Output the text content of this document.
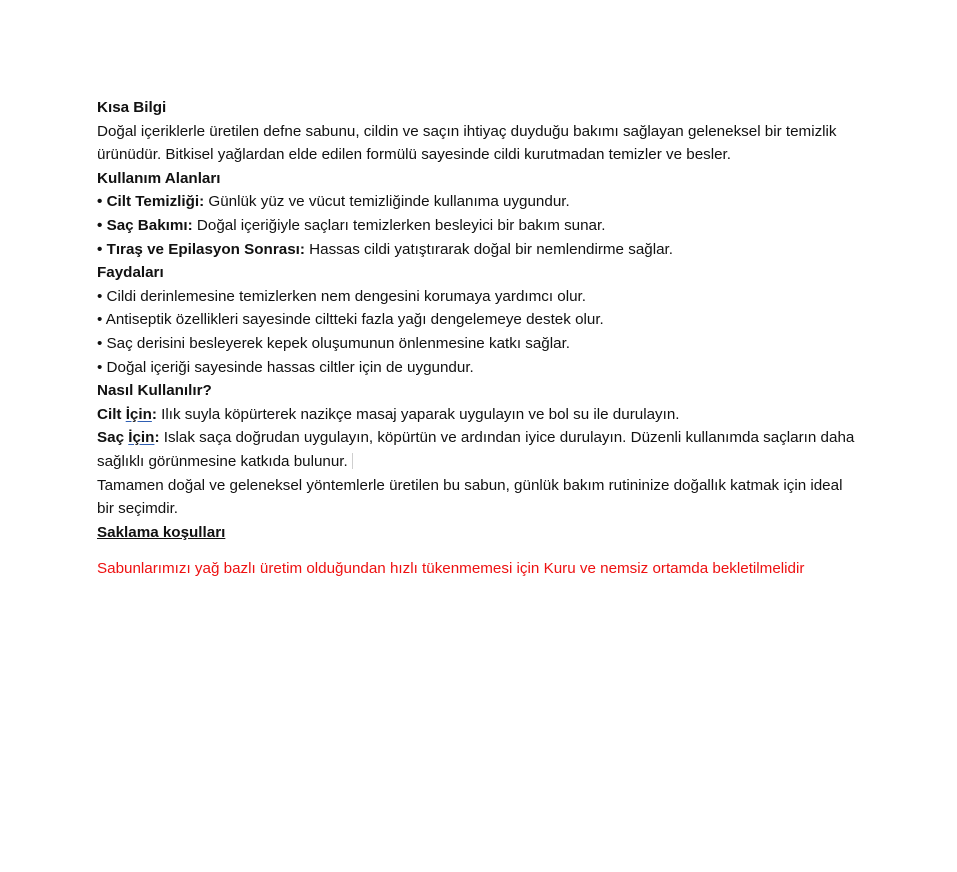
Kısa Bilgi
Doğal içeriklerle üretilen defne sabunu, cildin ve saçın ihtiyaç duyduğu bakımı sağlayan geleneksel bir temizlik ürünüdür. Bitkisel yağlardan elde edilen formülü sayesinde cildi kurutmadan temizler ve besler.
Kullanım Alanları
• Cilt Temizliği: Günlük yüz ve vücut temizliğinde kullanıma uygundur.
• Saç Bakımı: Doğal içeriğiyle saçları temizlerken besleyici bir bakım sunar.
• Tıraş ve Epilasyon Sonrası: Hassas cildi yatıştırarak doğal bir nemlendirme sağlar.
Faydaları
• Cildi derinlemesine temizlerken nem dengesini korumaya yardımcı olur.
• Antiseptik özellikleri sayesinde ciltteki fazla yağı dengelemeye destek olur.
• Saç derisini besleyerek kepek oluşumunun önlenmesine katkı sağlar.
• Doğal içeriği sayesinde hassas ciltler için de uygundur.
Nasıl Kullanılır?
Cilt İçin: Ilık suyla köpürterek nazikçe masaj yaparak uygulayın ve bol su ile durulayın.
Saç İçin: Islak saça doğrudan uygulayın, köpürtün ve ardından iyice durulayın. Düzenli kullanımda saçların daha sağlıklı görünmesine katkıda bulunur.
Tamamen doğal ve geleneksel yöntemlerle üretilen bu sabun, günlük bakım rutininize doğallık katmak için ideal bir seçimdir.
Saklama koşulları
Sabunlarımızı yağ bazlı üretim olduğundan hızlı tükenmemesi için Kuru ve nemsiz ortamda bekletilmelidir
